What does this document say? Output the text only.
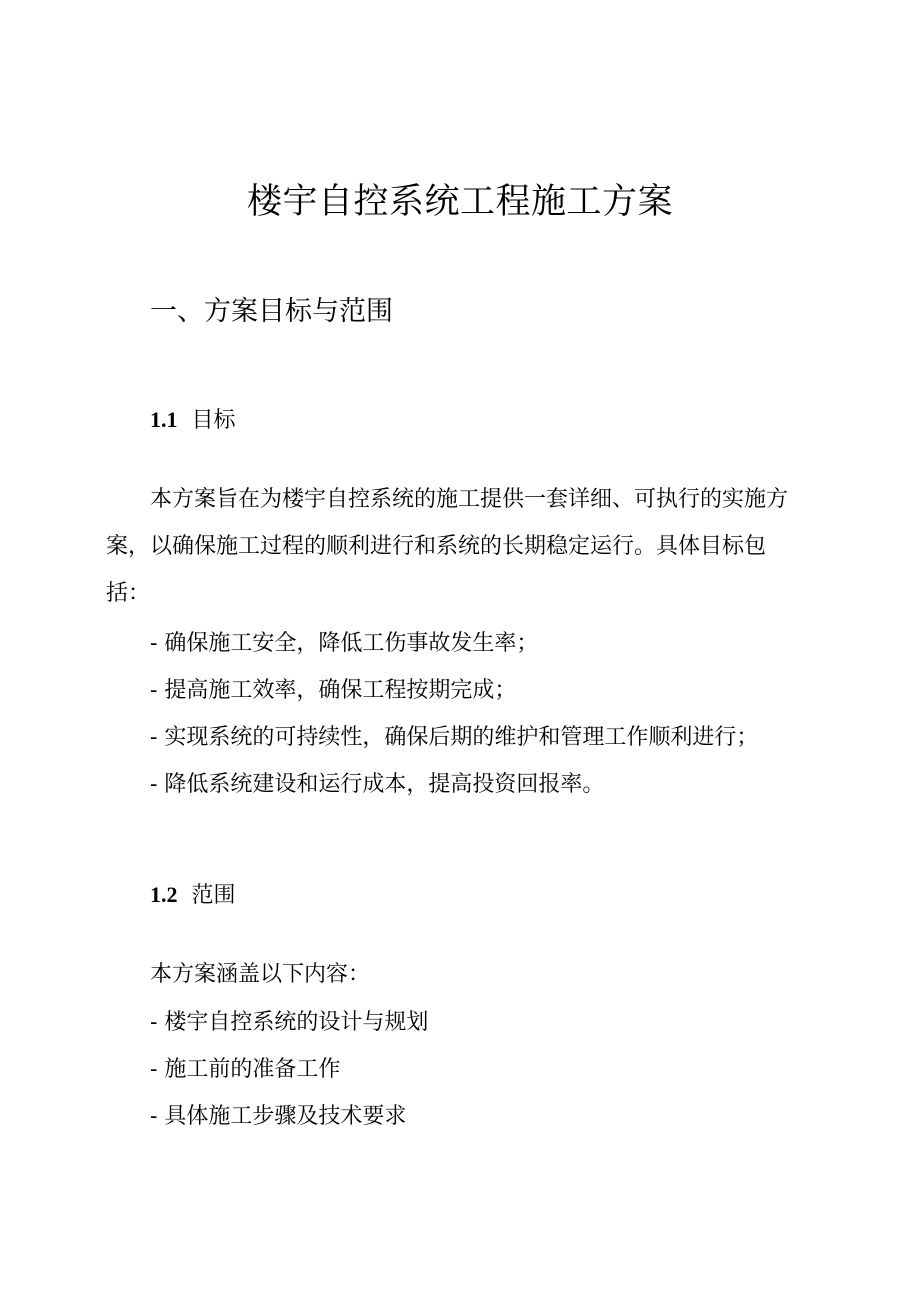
楼宇自控系统工程施工方案
一、方案目标与范围
1.1 目标

本方案旨在为楼宇自控系统的施工提供一套详细、可执行的实施方案，以确保施工过程的顺利进行和系统的长期稳定运行。具体目标包括：

- 确保施工安全，降低工伤事故发生率；
- 提高施工效率，确保工程按期完成；
- 实现系统的可持续性，确保后期的维护和管理工作顺利进行；
- 降低系统建设和运行成本，提高投资回报率。
1.2 范围

本方案涵盖以下内容：

- 楼宇自控系统的设计与规划
- 施工前的准备工作
- 具体施工步骤及技术要求
